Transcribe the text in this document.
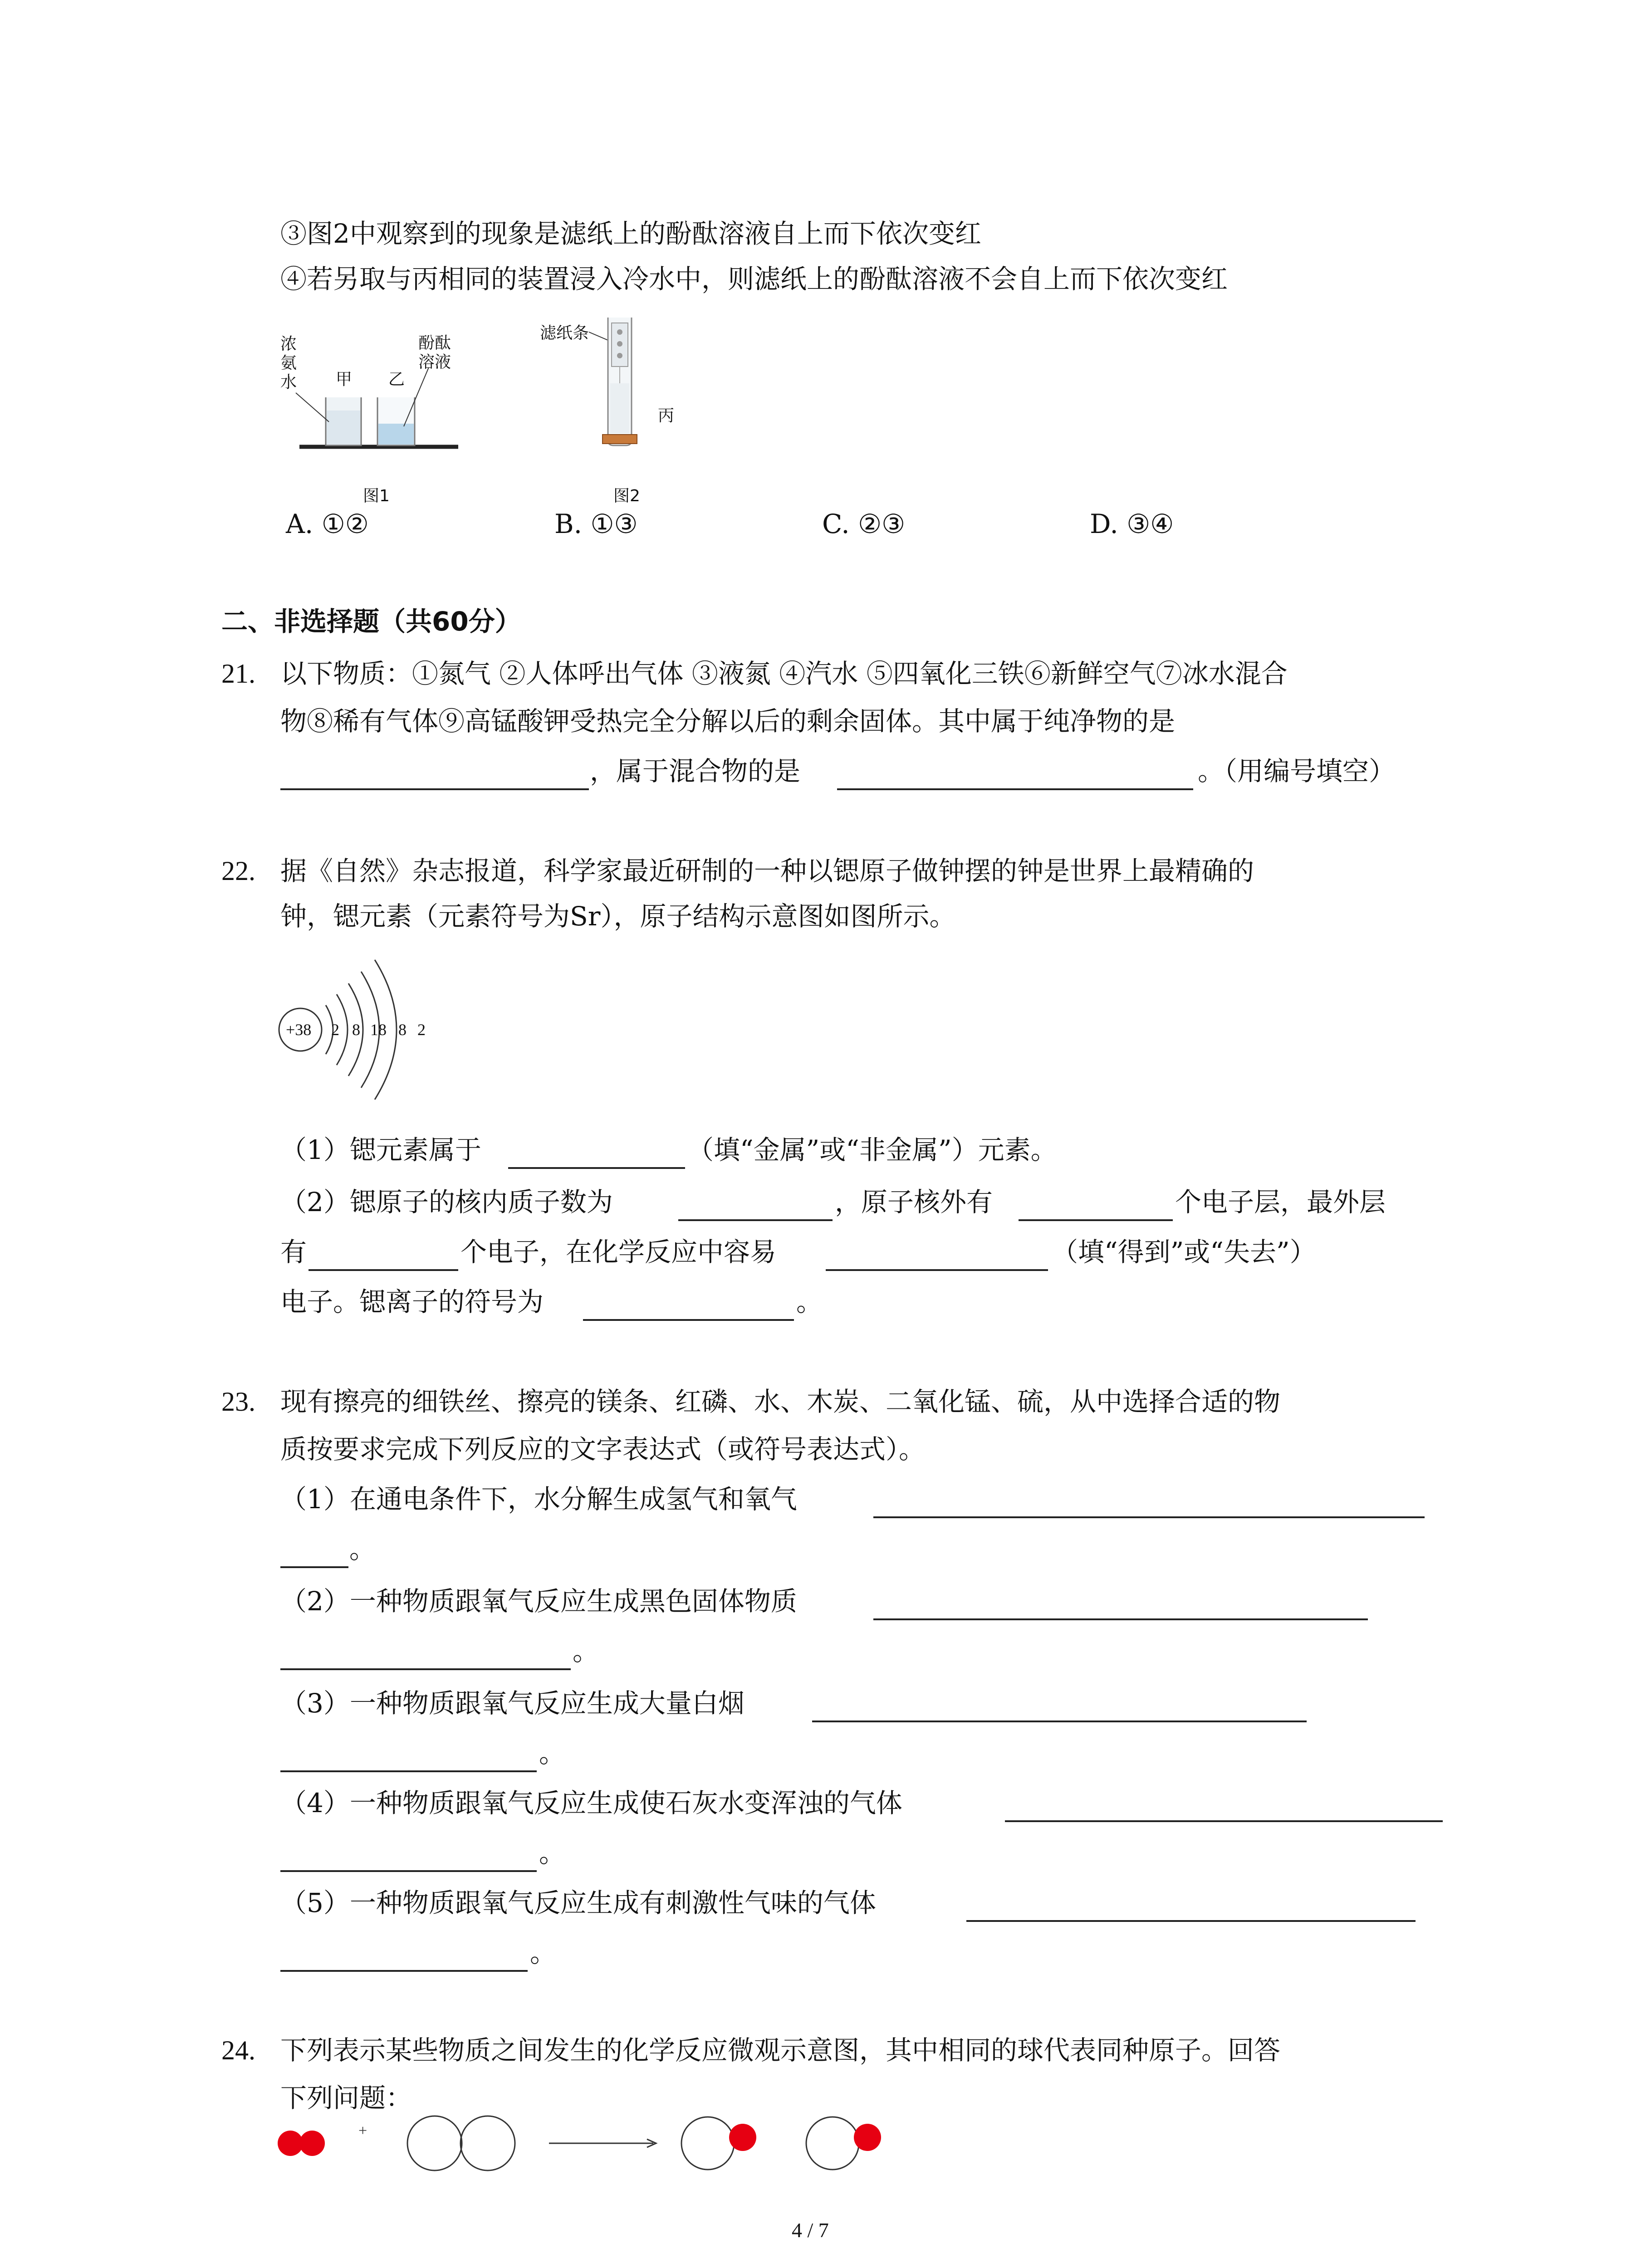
③图2中观察到的现象是滤纸上的酚酞溶液自上而下依次变红
④若另取与丙相同的装置浸入冷水中，则滤纸上的酚酞溶液不会自上而下依次变红
浓
氨
水 甲 乙
酚酞
溶液
图1
滤纸条
丙
图2
A. ①②	B. ①③	C. ②③	D. ③④
二、非选择题（共60分）
21. 以下物质：①氮气 ②人体呼出气体 ③液氮 ④汽水 ⑤四氧化三铁⑥新鲜空气⑦冰水混合
物⑧稀有气体⑨高锰酸钾受热完全分解以后的剩余固体。其中属于纯净物的是
，属于混合物的是	。（用编号填空）
22. 据《自然》杂志报道，科学家最近研制的一种以锶原子做钟摆的钟是世界上最精确的
钟，锶元素（元素符号为Sr），原子结构示意图如图所示。
+38 2 8 18 8 2
（1）锶元素属于	（填“金属”或“非金属”）元素。
（2）锶原子的核内质子数为	，原子核外有	个电子层，最外层
有	个电子，在化学反应中容易	（填“得到”或“失去”）
电子。锶离子的符号为	。
23. 现有擦亮的细铁丝、擦亮的镁条、红磷、水、木炭、二氧化锰、硫，从中选择合适的物
质按要求完成下列反应的文字表达式（或符号表达式）。
（1）在通电条件下，水分解生成氢气和氧气
。
（2）一种物质跟氧气反应生成黑色固体物质
。
（3）一种物质跟氧气反应生成大量白烟
。
（4）一种物质跟氧气反应生成使石灰水变浑浊的气体
。
（5）一种物质跟氧气反应生成有刺激性气味的气体
。
24. 下列表示某些物质之间发生的化学反应微观示意图，其中相同的球代表同种原子。回答
下列问题：
+
4 / 7
